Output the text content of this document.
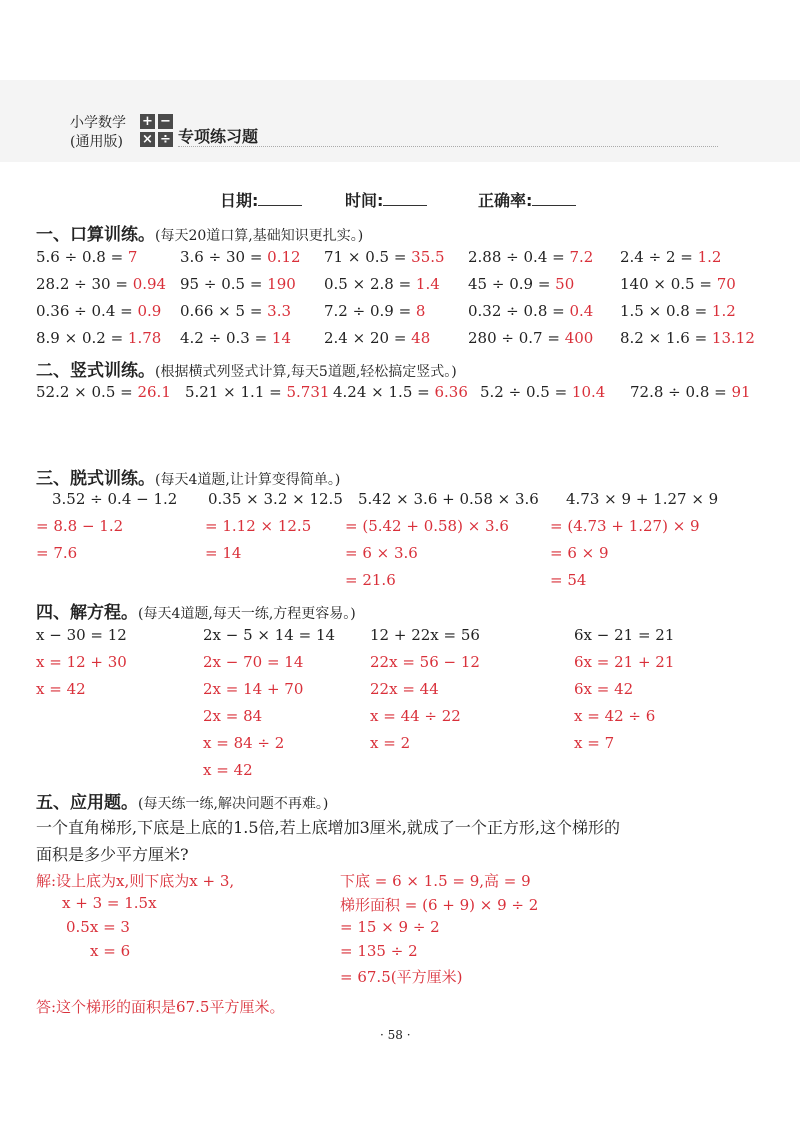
小学数学
(通用版)
+ −
× ÷ 专项练习题
日期:	时间:	正确率:
一、口算训练。(每天20道口算,基础知识更扎实。)
5.6 ÷ 0.8 = 7	3.6 ÷ 30 = 0.12 71 × 0.5 = 35.5 2.88 ÷ 0.4 = 7.2 2.4 ÷ 2 = 1.2
28.2 ÷ 30 = 0.94 95 ÷ 0.5 = 190 0.5 × 2.8 = 1.4 45 ÷ 0.9 = 50	140 × 0.5 = 70
0.36 ÷ 0.4 = 0.9 0.66 × 5 = 3.3 7.2 ÷ 0.9 = 8	0.32 ÷ 0.8 = 0.4 1.5 × 0.8 = 1.2
8.9 × 0.2 = 1.78 4.2 ÷ 0.3 = 14 2.4 × 20 = 48	280 ÷ 0.7 = 400 8.2 × 1.6 = 13.12
二、竖式训练。(根据横式列竖式计算,每天5道题,轻松搞定竖式。)
52.2 × 0.5 = 26.1 5.21 × 1.1 = 5.731 4.24 × 1.5 = 6.36 5.2 ÷ 0.5 = 10.4 72.8 ÷ 0.8 = 91
三、脱式训练。(每天4道题,让计算变得简单。)
3.52 ÷ 0.4 − 1.2
= 8.8 − 1.2
= 7.6
0.35 × 3.2 × 12.5
= 1.12 × 12.5
= 14
5.42 × 3.6 + 0.58 × 3.6
= (5.42 + 0.58) × 3.6
= 6 × 3.6
= 21.6
4.73 × 9 + 1.27 × 9
= (4.73 + 1.27) × 9
= 6 × 9
= 54
四、解方程。(每天4道题,每天一练,方程更容易。)
x − 30 = 12
x = 12 + 30
x = 42
2x − 5 × 14 = 14
2x − 70 = 14
2x = 14 + 70
2x = 84
x = 84 ÷ 2
x = 42
12 + 22x = 56
22x = 56 − 12
22x = 44
x = 44 ÷ 22
x = 2
6x − 21 = 21
6x = 21 + 21
6x = 42
x = 42 ÷ 6
x = 7
五、应用题。(每天练一练,解决问题不再难。)
一个直角梯形,下底是上底的1.5倍,若上底增加3厘米,就成了一个正方形,这个梯形的
面积是多少平方厘米?
解:设上底为x,则下底为x + 3,
x + 3 = 1.5x
0.5x = 3
x = 6
下底 = 6 × 1.5 = 9,高 = 9
梯形面积 = (6 + 9) × 9 ÷ 2
= 15 × 9 ÷ 2
= 135 ÷ 2
= 67.5(平方厘米)
答:这个梯形的面积是67.5平方厘米。
· 58 ·
